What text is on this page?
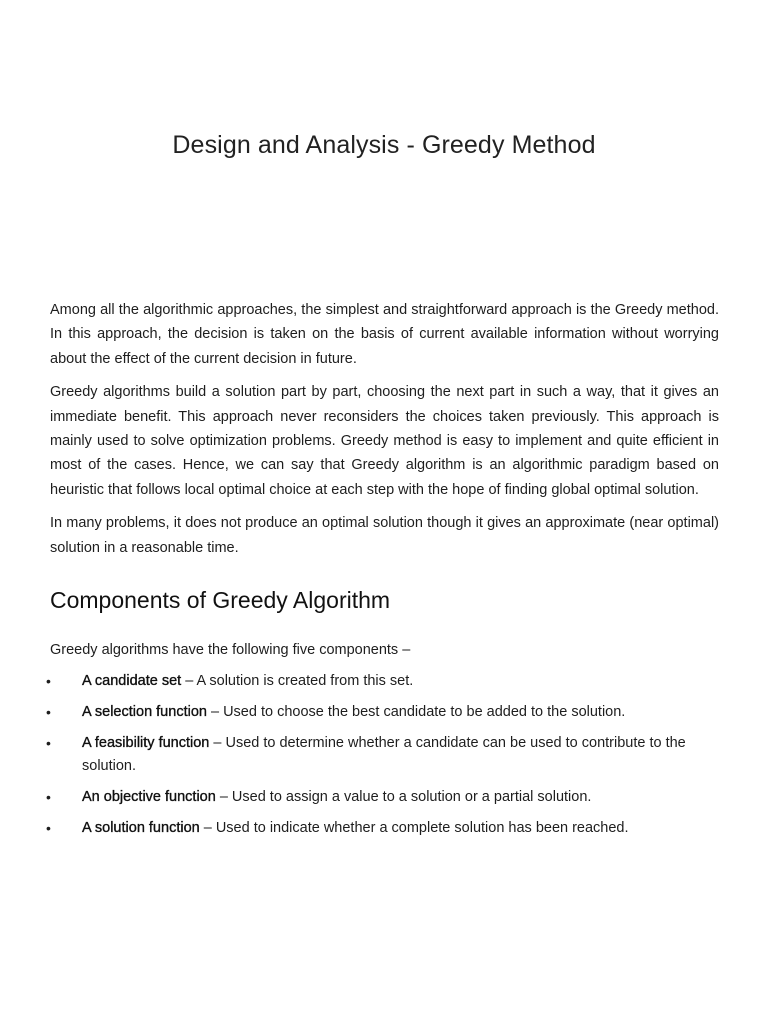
Design and Analysis - Greedy Method

Among all the algorithmic approaches, the simplest and straightforward approach is the Greedy method. In this approach, the decision is taken on the basis of current available information without worrying about the effect of the current decision in future.

Greedy algorithms build a solution part by part, choosing the next part in such a way, that it gives an immediate benefit. This approach never reconsiders the choices taken previously. This approach is mainly used to solve optimization problems. Greedy method is easy to implement and quite efficient in most of the cases. Hence, we can say that Greedy algorithm is an algorithmic paradigm based on heuristic that follows local optimal choice at each step with the hope of finding global optimal solution.

In many problems, it does not produce an optimal solution though it gives an approximate (near optimal) solution in a reasonable time.

Components of Greedy Algorithm

Greedy algorithms have the following five components –

• A candidate set – A solution is created from this set.
• A selection function – Used to choose the best candidate to be added to the solution.
• A feasibility function – Used to determine whether a candidate can be used to contribute to the solution.
• An objective function – Used to assign a value to a solution or a partial solution.
• A solution function – Used to indicate whether a complete solution has been reached.
